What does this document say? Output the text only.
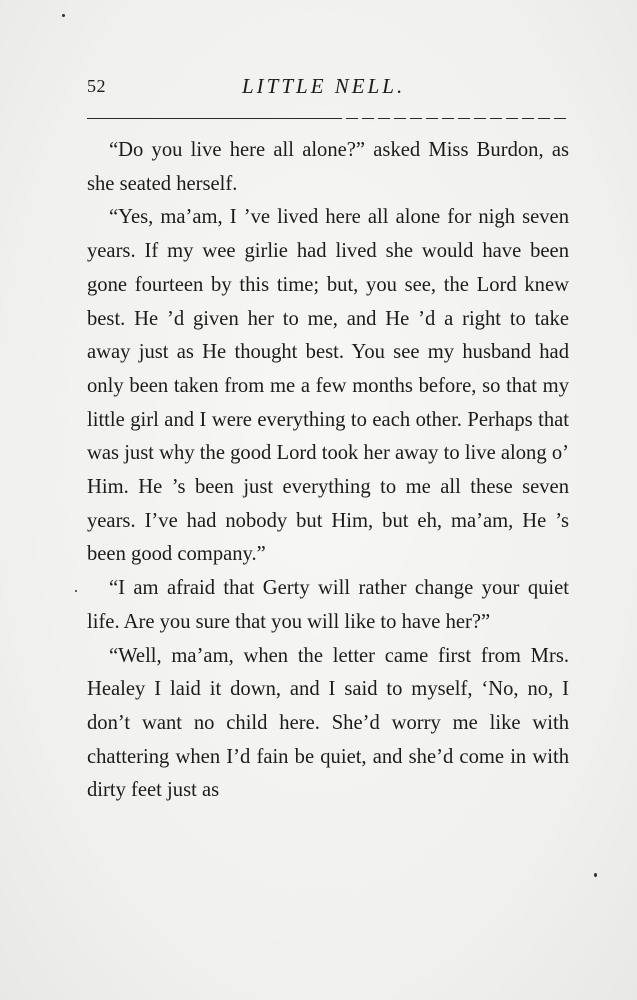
52	LITTLE NELL.

“Do you live here all alone?” asked Miss Burdon, as she seated herself.

“Yes, ma’am, I ’ve lived here all alone for nigh seven years. If my wee girlie had lived she would have been gone fourteen by this time; but, you see, the Lord knew best. He ’d given her to me, and He ’d a right to take away just as He thought best. You see my husband had only been taken from me a few months before, so that my little girl and I were everything to each other. Perhaps that was just why the good Lord took her away to live along o’ Him. He ’s been just everything to me all these seven years. I’ve had nobody but Him, but eh, ma’am, He ’s been good company.”

“I am afraid that Gerty will rather change your quiet life. Are you sure that you will like to have her?”

“Well, ma’am, when the letter came first from Mrs. Healey I laid it down, and I said to myself, ‘No, no, I don’t want no child here. She’d worry me like with chattering when I’d fain be quiet, and she’d come in with dirty feet just as
